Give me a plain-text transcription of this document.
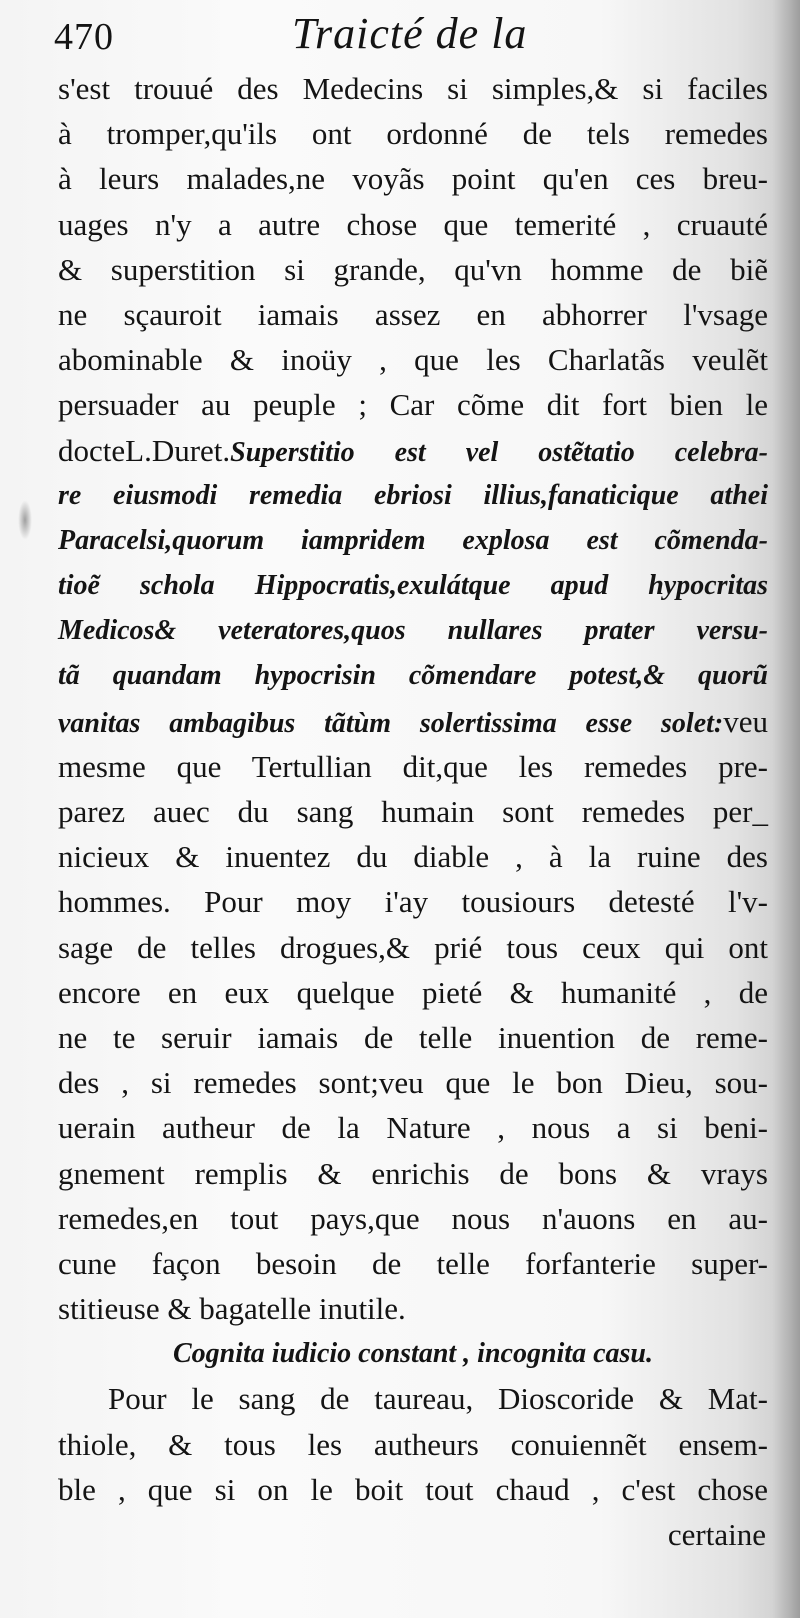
470	Traicté de la
s'est trouué des Medecins si simples,& si faciles
à tromper,qu'ils ont ordonné de tels remedes
à leurs malades,ne voyãs point qu'en ces breu-
uages n'y a autre chose que temerité , cruauté
& superstition si grande, qu'vn homme de biẽ
ne sçauroit iamais assez en abhorrer l'vsage
abominable & inoüy , que les Charlatãs veulẽt
persuader au peuple ; Car cõme dit fort bien le
docteL.Duret.Superstitio est vel ostẽtatio celebra-
re eiusmodi remedia ebriosi illius,fanaticique athei
Paracelsi,quorum iampridem explosa est cõmenda-
tioẽ schola Hippocratis,exulátque apud hypocritas
Medicos& veteratores,quos nullares prater versu-
tã quandam hypocrisin cõmendare potest,& quorũ
vanitas ambagibus tãtùm solertissima esse solet:veu
mesme que Tertullian dit,que les remedes pre-
parez auec du sang humain sont remedes per_
nicieux & inuentez du diable , à la ruine des
hommes. Pour moy i'ay tousiours detesté l'v-
sage de telles drogues,& prié tous ceux qui ont
encore en eux quelque pieté & humanité , de
ne te seruir iamais de telle inuention de reme-
des , si remedes sont;veu que le bon Dieu, sou-
uerain autheur de la Nature , nous a si beni-
gnement remplis & enrichis de bons & vrays
remedes,en tout pays,que nous n'auons en au-
cune façon besoin de telle forfanterie super-
stitieuse & bagatelle inutile.
Cognita iudicio constant , incognita casu.
Pour le sang de taureau, Dioscoride & Mat-
thiole, & tous les autheurs conuiennẽt ensem-
ble , que si on le boit tout chaud , c'est chose
certaine
